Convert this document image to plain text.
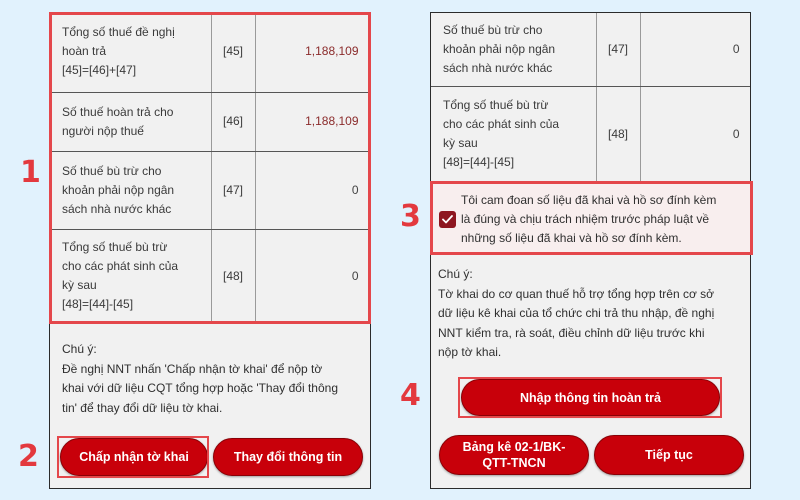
Tổng số thuế đề nghị
hoàn trả
[45]=[46]+[47]	[45]	1,188,109

Số thuế hoàn trả cho
người nộp thuế	[46]	1,188,109

Số thuế bù trừ cho
khoản phải nộp ngân
sách nhà nước khác	[47]	0

Tổng số thuế bù trừ
cho các phát sinh của
kỳ sau
[48]=[44]-[45]	[48]	0
Chú ý:
Đề nghị NNT nhấn 'Chấp nhận tờ khai' để nộp tờ
khai với dữ liệu CQT tổng hợp hoặc 'Thay đổi thông
tin' để thay đổi dữ liệu tờ khai.
Chấp nhận tờ khai	Thay đổi thông tin
Số thuế bù trừ cho
khoản phải nộp ngân
sách nhà nước khác	[47]	0

Tổng số thuế bù trừ
cho các phát sinh của
kỳ sau
[48]=[44]-[45]	[48]	0
Tôi cam đoan số liệu đã khai và hồ sơ đính kèm
là đúng và chịu trách nhiệm trước pháp luật về
những số liệu đã khai và hồ sơ đính kèm.
Chú ý:
Tờ khai do cơ quan thuế hỗ trợ tổng hợp trên cơ sở
dữ liệu kê khai của tổ chức chi trả thu nhập, đề nghị
NNT kiểm tra, rà soát, điều chỉnh dữ liệu trước khi
nộp tờ khai.
Nhập thông tin hoàn trả
Bảng kê 02-1/BK-
QTT-TNCN
Tiếp tục
1
2
3
4
